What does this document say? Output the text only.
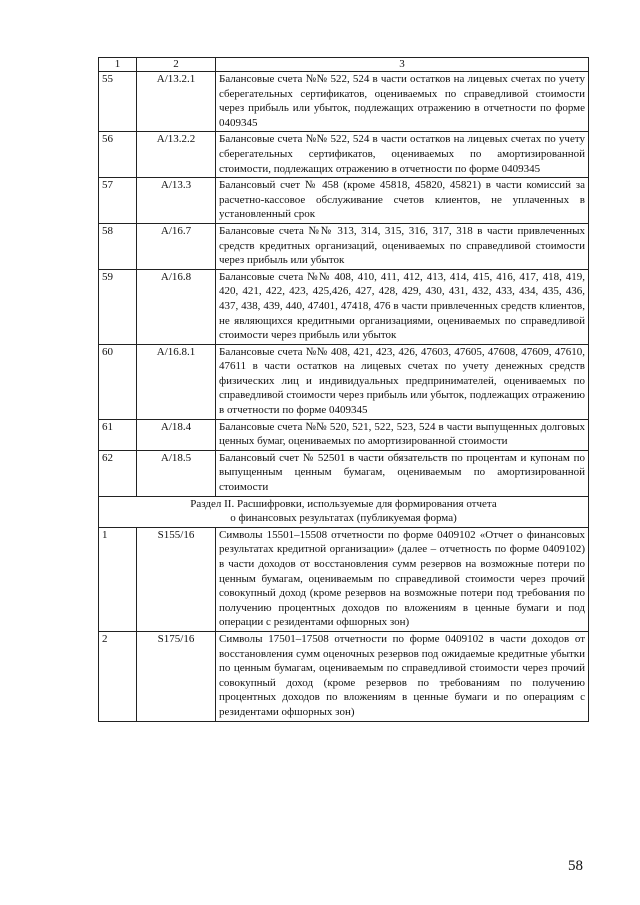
1	2	3
55	А/13.2.1	Балансовые счета №№ 522, 524 в части остатков на лицевых счетах по учету сберегательных сертификатов, оцениваемых по справедливой стоимости через прибыль или убыток, подлежащих отражению в отчетности по форме 0409345
56	А/13.2.2	Балансовые счета №№ 522, 524 в части остатков на лицевых счетах по учету сберегательных сертификатов, оцениваемых по амортизированной стоимости, подлежащих отражению в отчетности по форме 0409345
57	А/13.3	Балансовый счет № 458 (кроме 45818, 45820, 45821) в части комиссий за расчетно-кассовое обслуживание счетов клиентов, не уплаченных в установленный срок
58	А/16.7	Балансовые счета №№ 313, 314, 315, 316, 317, 318 в части привлеченных средств кредитных организаций, оцениваемых по справедливой стоимости через прибыль или убыток
59	А/16.8	Балансовые счета №№ 408, 410, 411, 412, 413, 414, 415, 416, 417, 418, 419, 420, 421, 422, 423, 425,426, 427, 428, 429, 430, 431, 432, 433, 434, 435, 436, 437, 438, 439, 440, 47401, 47418, 476 в части привлеченных средств клиентов, не являющихся кредитными организациями, оцениваемых по справедливой стоимости через прибыль или убыток
60	А/16.8.1	Балансовые счета №№ 408, 421, 423, 426, 47603, 47605, 47608, 47609, 47610, 47611 в части остатков на лицевых счетах по учету денежных средств физических лиц и индивидуальных предпринимателей, оцениваемых по справедливой стоимости через прибыль или убыток, подлежащих отражению в отчетности по форме 0409345
61	А/18.4	Балансовые счета №№ 520, 521, 522, 523, 524 в части выпущенных долговых ценных бумаг, оцениваемых по амортизированной стоимости
62	А/18.5	Балансовый счет № 52501 в части обязательств по процентам и купонам по выпущенным ценным бумагам, оцениваемым по амортизированной стоимости

Раздел II. Расшифровки, используемые для формирования отчета
о финансовых результатах (публикуемая форма)		

1	S155/16	Символы 15501–15508 отчетности по форме 0409102 «Отчет о финансовых результатах кредитной организации» (далее – отчетность по форме 0409102) в части доходов от восстановления сумм резервов на возможные потери по ценным бумагам, оцениваемым по справедливой стоимости через прочий совокупный доход (кроме резервов на возможные потери под требования по получению процентных доходов по вложениям в ценные бумаги и под операции с резидентами офшорных зон)
2	S175/16	Символы 17501–17508 отчетности по форме 0409102 в части доходов от восстановления сумм оценочных резервов под ожидаемые кредитные убытки по ценным бумагам, оцениваемым по справедливой стоимости через прочий совокупный доход (кроме резервов по требованиям по получению процентных доходов по вложениям в ценные бумаги и по операциям с резидентами офшорных зон)
58
